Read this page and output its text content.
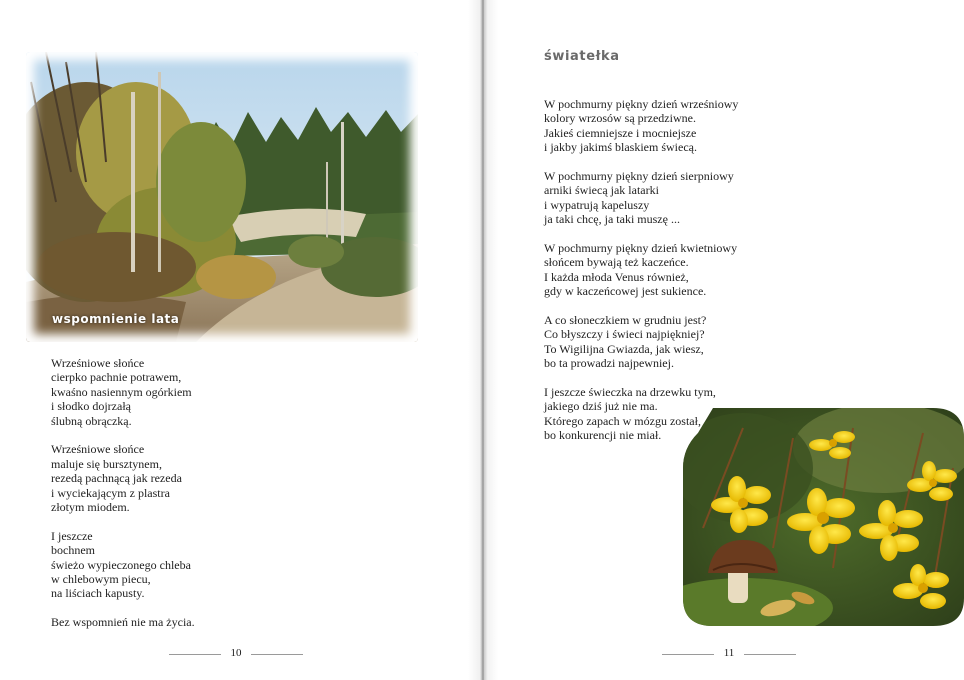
wspomnienie lata
Wrześniowe słońce
cierpko pachnie potrawem,
kwaśno nasiennym ogórkiem
i słodko dojrzałą
ślubną obrączką.
Wrześniowe słońce
maluje się bursztynem,
rezedą pachnącą jak rezeda
i wyciekającym z plastra
złotym miodem.
I jeszcze
bochnem
świeżo wypieczonego chleba
w chlebowym piecu,
na liściach kapusty.
Bez wspomnień nie ma życia.
10
światełka
W pochmurny piękny dzień wrześniowy
kolory wrzosów są przedziwne.
Jakieś ciemniejsze i mocniejsze
i jakby jakimś blaskiem świecą.
W pochmurny piękny dzień sierpniowy
arniki świecą jak latarki
i wypatrują kapeluszy
ja taki chcę, ja taki muszę ...
W pochmurny piękny dzień kwietniowy
słońcem bywają też kaczeńce.
I każda młoda Venus również,
gdy w kaczeńcowej jest sukience.
A co słoneczkiem w grudniu jest?
Co błyszczy i świeci najpiękniej?
To Wigilijna Gwiazda, jak wiesz,
bo ta prowadzi najpewniej.
I jeszcze świeczka na drzewku tym,
jakiego dziś już nie ma.
Którego zapach w mózgu został,
bo konkurencji nie miał.
11
